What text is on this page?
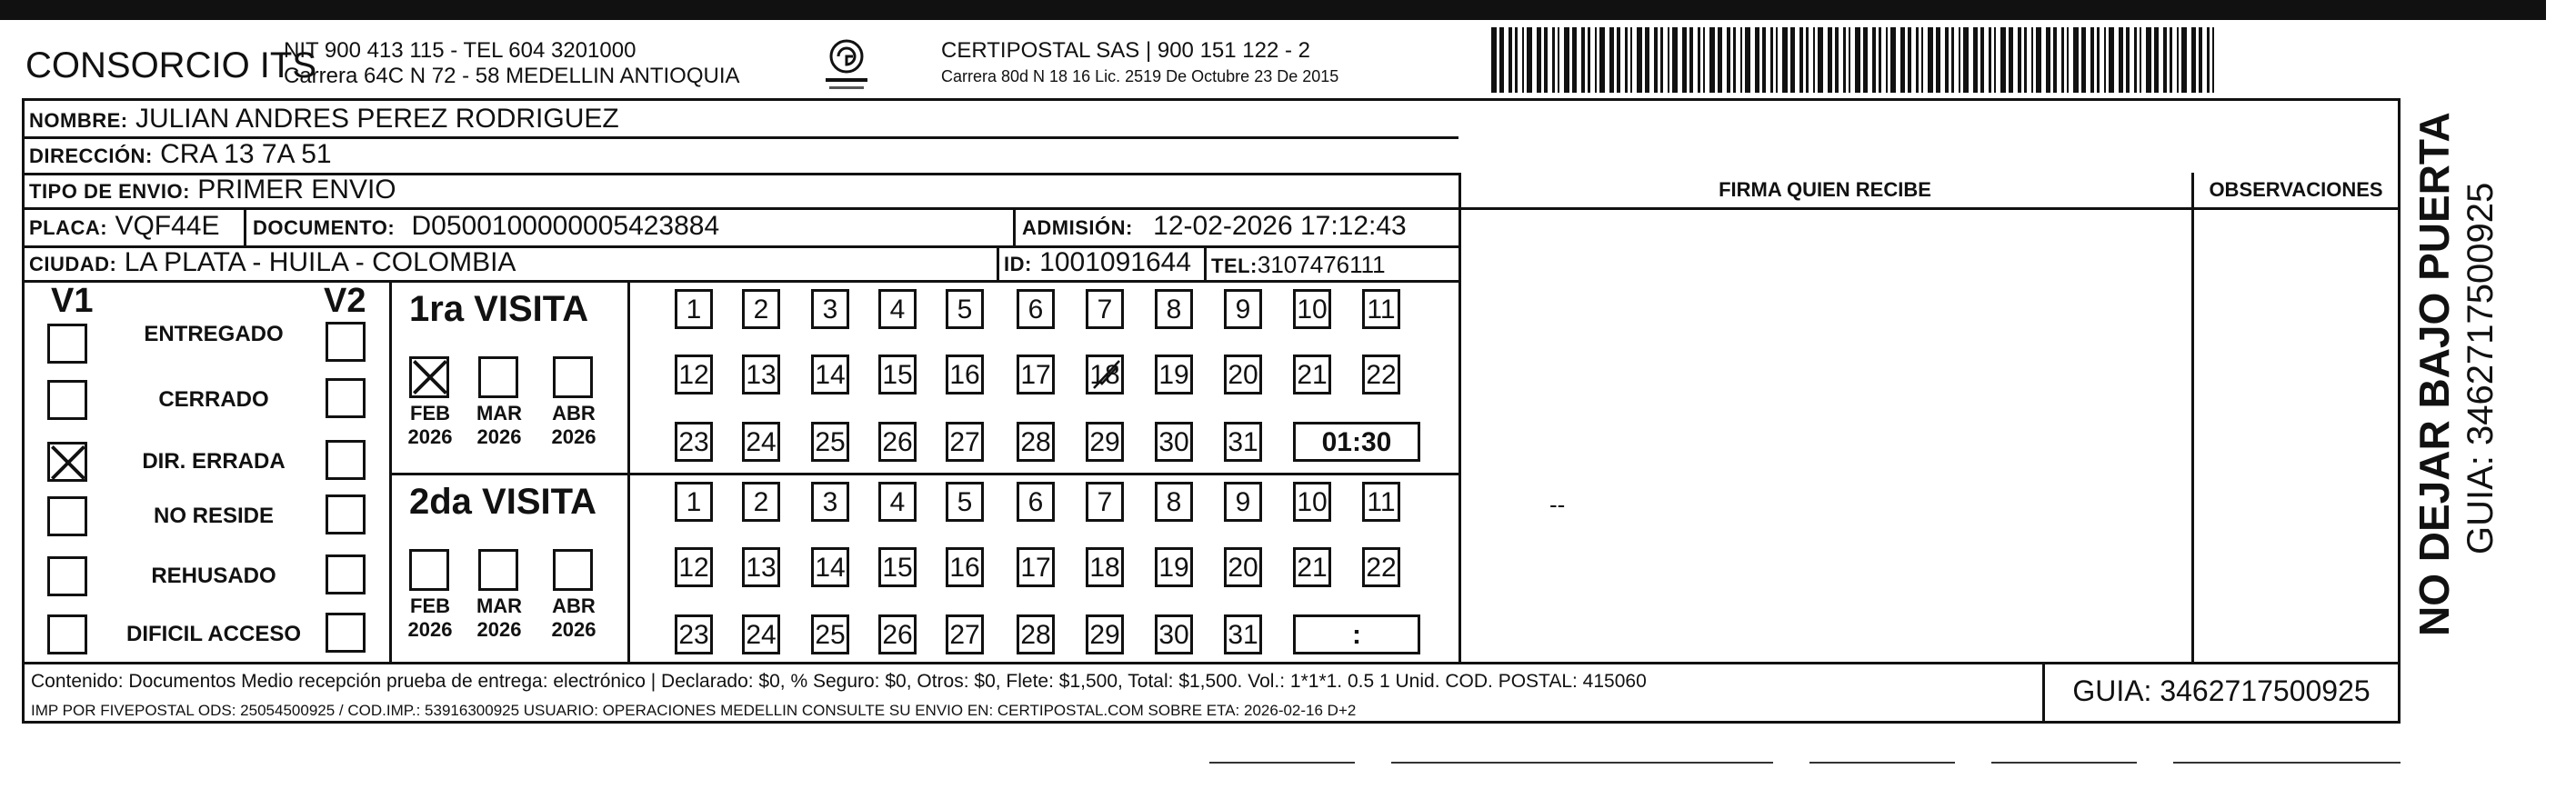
CONSORCIO ITS
NIT 900 413 115 - TEL 604 3201000
Carrera 64C N 72 - 58 MEDELLIN ANTIOQUIA
CERTIPOSTAL SAS | 900 151 122 - 2
Carrera 80d N 18 16 Lic. 2519 De Octubre 23 De 2015
NOMBRE: JULIAN ANDRES PEREZ RODRIGUEZ
DIRECCIÓN: CRA 13 7A 51
TIPO DE ENVIO: PRIMER ENVIO	FIRMA QUIEN RECIBE	OBSERVACIONES
PLACA: VQF44E DOCUMENTO: D0500100000005423884	ADMISIÓN: 12-02-2026 17:12:43
CIUDAD: LA PLATA - HUILA - COLOMBIA	ID: 1001091644 TEL:3107476111
V1	V2
ENTREGADO
CERRADO
DIR. ERRADA
NO RESIDE
REHUSADO
DIFICIL ACCESO
1ra VISITA
FEB
2026
MAR
2026
ABR
2026
1	2	3	4	5	6	7	8	9	10 11
12 13 14 15 16 17 18 19 20 21 22
23 24 25 26 27 28 29 30 31	01:30
2da VISITA
FEB
2026
MAR
2026
ABR
2026
1	2	3	4	5	6	7	8	9	10 11
12 13 14 15 16 17 18 19 20 21 22
23 24 25 26 27 28 29 30 31	:
--
Contenido: Documentos Medio recepción prueba de entrega: electrónico | Declarado: $0, % Seguro: $0, Otros: $0, Flete: $1,500, Total: $1,500. Vol.: 1*1*1. 0.5 1 Unid. COD. POSTAL: 415060
IMP POR FIVEPOSTAL ODS: 25054500925 / COD.IMP.: 53916300925 USUARIO: OPERACIONES MEDELLIN CONSULTE SU ENVIO EN: CERTIPOSTAL.COM SOBRE ETA: 2026-02-16 D+2
GUIA: 3462717500925
NO DEJAR BAJO PUERTA GUIA: 3462717500925
